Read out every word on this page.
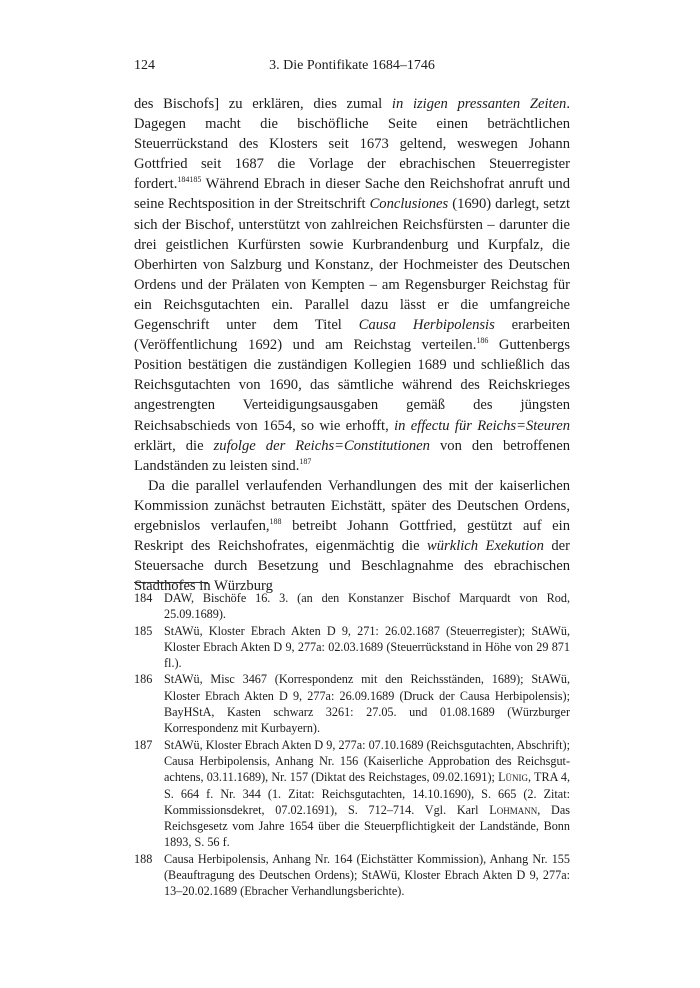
124	3. Die Pontifikate 1684–1746

des Bischofs] zu erklären, dies zumal in izigen pressanten Zeiten. Dagegen macht die bischöfliche Seite einen beträchtlichen Steuerrückstand des Klosters seit 1673 geltend, weswegen Johann Gottfried seit 1687 die Vorlage der ebrachischen Steuerregister fordert.$^{184185}$ Während Ebrach in dieser Sache den Reichshofrat anruft und seine Rechtsposition in der Streitschrift Conclusiones (1690) darlegt, setzt sich der Bischof, unterstützt von zahlreichen Reichsfürsten – darunter die drei geistlichen Kurfürsten sowie Kurbrandenburg und Kurpfalz, die Oberhirten von Salzburg und Konstanz, der Hochmeister des Deutschen Ordens und der Prälaten von Kempten – am Regensburger Reichstag für ein Reichsgutachten ein. Parallel dazu lässt er die umfangreiche Gegenschrift unter dem Titel Causa Herbipolensis erarbeiten (Veröffentlichung 1692) und am Reichstag verteilen.$^{186}$ Guttenbergs Position bestätigen die zuständigen Kollegien 1689 und schließlich das Reichsgutachten von 1690, das sämtliche während des Reichskrieges angestrengten Verteidigungsausgaben gemäß des jüngsten Reichsabschieds von 1654, so wie erhofft, in effectu für Reichs=Steuren erklärt, die zufolge der Reichs=Constitutionen von den betroffenen Landständen zu leisten sind.$^{187}$

Da die parallel verlaufenden Verhandlungen des mit der kaiserlichen Kommission zunächst betrauten Eichstätt, später des Deutschen Ordens, ergebnislos verlaufen,$^{188}$ betreibt Johann Gottfried, gestützt auf ein Reskript des Reichshofrates, eigenmächtig die würklich Exekution der Steuersache durch Besetzung und Beschlagnahme des ebrachischen Stadthofes in Würzburg

184 DAW, Bischöfe 16. 3. (an den Konstanzer Bischof Marquardt von Rod, 25.09.1689).
185 StAWü, Kloster Ebrach Akten D 9, 271: 26.02.1687 (Steuerregister); StAWü, Kloster Ebrach Akten D 9, 277a: 02.03.1689 (Steuerrückstand in Höhe von 29 871 fl.).
186 StAWü, Misc 3467 (Korrespondenz mit den Reichsständen, 1689); StAWü, Kloster Ebrach Akten D 9, 277a: 26.09.1689 (Druck der Causa Herbipolensis); BayHStA, Kasten schwarz 3261: 27.05. und 01.08.1689 (Würzburger Korrespondenz mit Kurbayern).
187 StAWü, Kloster Ebrach Akten D 9, 277a: 07.10.1689 (Reichsgutachten, Abschrift); Causa Herbipolensis, Anhang Nr. 156 (Kaiserliche Approbation des Reichsgutachtens, 03.11.1689), Nr. 157 (Diktat des Reichstages, 09.02.1691); Lünig, TRA 4, S. 664 f. Nr. 344 (1. Zitat: Reichsgutachten, 14.10.1690), S. 665 (2. Zitat: Kommissionsdekret, 07.02.1691), S. 712–714. Vgl. Karl Lohmann, Das Reichsgesetz vom Jahre 1654 über die Steuerpflichtigkeit der Landstände, Bonn 1893, S. 56 f.
188 Causa Herbipolensis, Anhang Nr. 164 (Eichstätter Kommission), Anhang Nr. 155 (Beauftragung des Deutschen Ordens); StAWü, Kloster Ebrach Akten D 9, 277a: 13–20.02.1689 (Ebracher Verhandlungsberichte).
